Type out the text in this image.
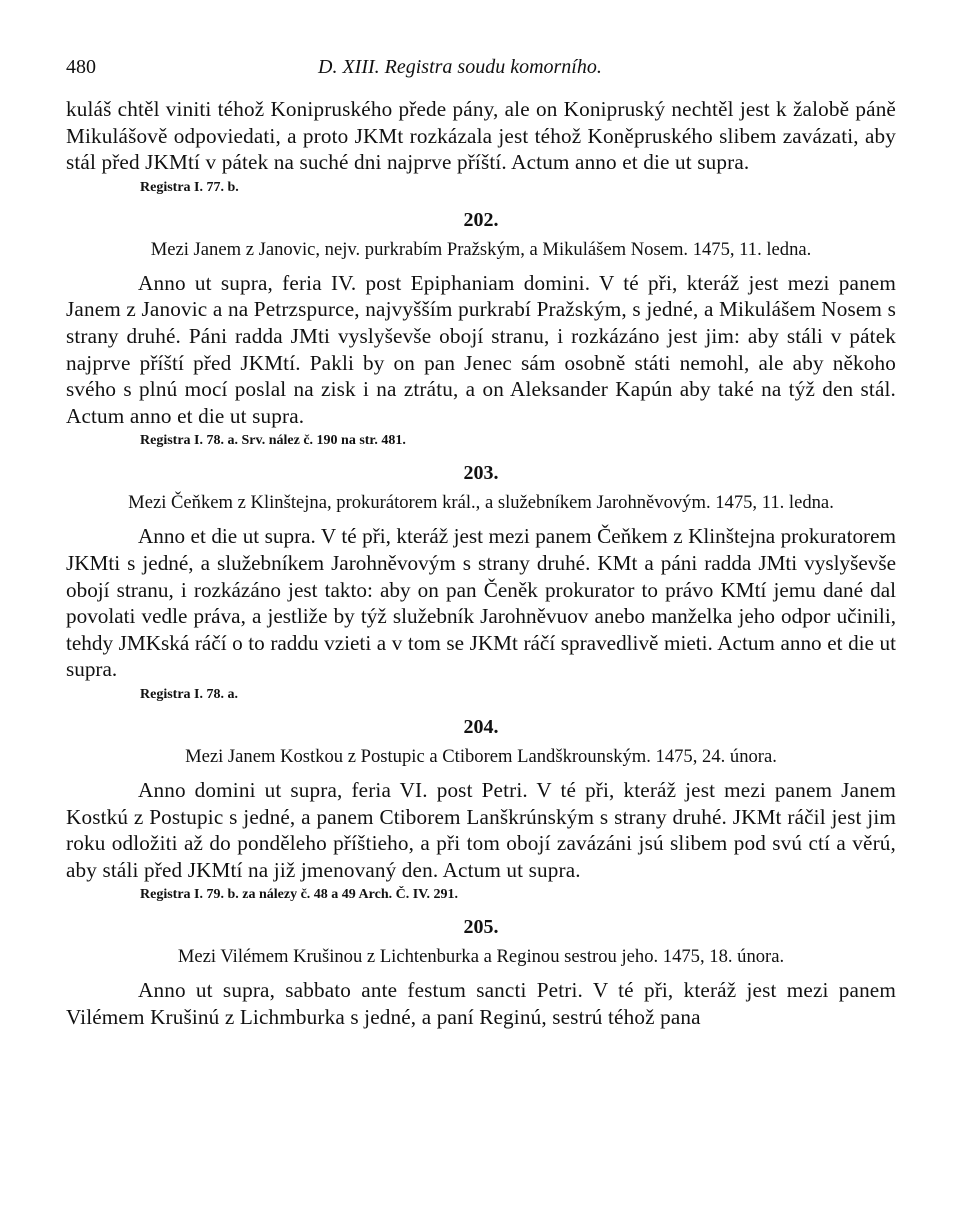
480	D. XIII. Registra soudu komorního.

kuláš chtěl viniti téhož Konipruského přede pány, ale on Konipruský nechtěl jest k žalobě páně Mikulášově odpoviedati, a proto JKMt rozkázala jest téhož Koněpruského slibem zavázati, aby stál před JKMtí v pátek na suché dni najprve příští. Actum anno et die ut supra.

Registra I. 77. b.

202.

Mezi Janem z Janovic, nejv. purkrabím Pražským, a Mikulášem Nosem. 1475, 11. ledna.

Anno ut supra, feria IV. post Epiphaniam domini. V té při, kteráž jest mezi panem Janem z Janovic a na Petrzspurce, najvyšším purkrabí Pražským, s jedné, a Mikulášem Nosem s strany druhé. Páni radda JMti vyslyševše obojí stranu, i rozkázáno jest jim: aby stáli v pátek najprve příští před JKMtí. Pakli by on pan Jenec sám osobně státi nemohl, ale aby někoho svého s plnú mocí poslal na zisk i na ztrátu, a on Aleksander Kapún aby také na týž den stál. Actum anno et die ut supra.

Registra I. 78. a. Srv. nález č. 190 na str. 481.

203.

Mezi Čeňkem z Klinštejna, prokurátorem král., a služebníkem Jarohněvovým. 1475, 11. ledna.

Anno et die ut supra. V té při, kteráž jest mezi panem Čeňkem z Klinštejna prokuratorem JKMti s jedné, a služebníkem Jarohněvovým s strany druhé. KMt a páni radda JMti vyslyševše obojí stranu, i rozkázáno jest takto: aby on pan Čeněk prokurator to právo KMtí jemu dané dal povolati vedle práva, a jestliže by týž služebník Jarohněvuov anebo manželka jeho odpor učinili, tehdy JMKská ráčí o to raddu vzieti a v tom se JKMt ráčí spravedlivě mieti. Actum anno et die ut supra.

Registra I. 78. a.

204.

Mezi Janem Kostkou z Postupic a Ctiborem Landškrounským. 1475, 24. února.

Anno domini ut supra, feria VI. post Petri. V té při, kteráž jest mezi panem Janem Kostkú z Postupic s jedné, a panem Ctiborem Lanškrúnským s strany druhé. JKMt ráčil jest jim roku odložiti až do ponděleho příštieho, a při tom obojí zavázáni jsú slibem pod svú ctí a věrú, aby stáli před JKMtí na již jmenovaný den. Actum ut supra.

Registra I. 79. b. za nálezy č. 48 a 49 Arch. Č. IV. 291.

205.

Mezi Vilémem Krušinou z Lichtenburka a Reginou sestrou jeho. 1475, 18. února.

Anno ut supra, sabbato ante festum sancti Petri. V té při, kteráž jest mezi panem Vilémem Krušinú z Lichmburka s jedné, a paní Reginú, sestrú téhož pana
